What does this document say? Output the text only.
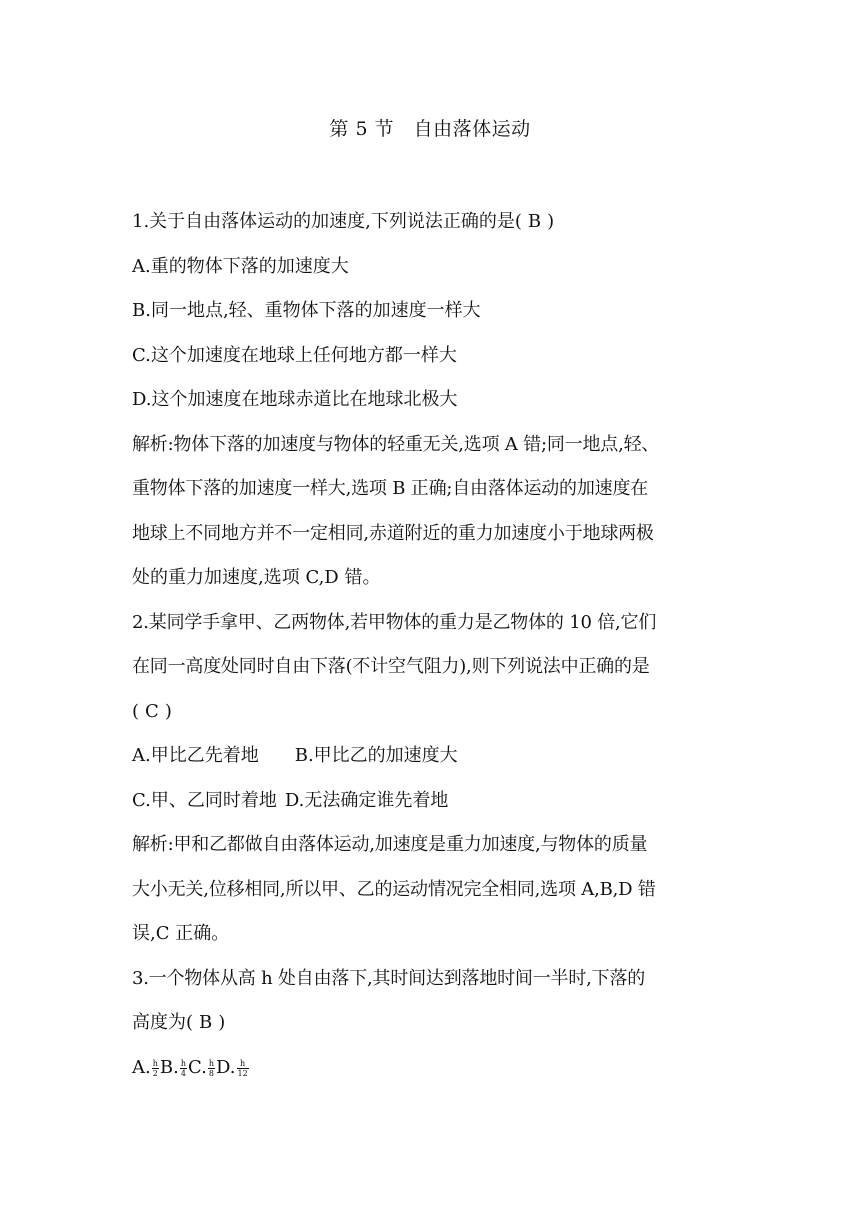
第 5 节　自由落体运动
1.关于自由落体运动的加速度,下列说法正确的是( B )
A.重的物体下落的加速度大
B.同一地点,轻、重物体下落的加速度一样大
C.这个加速度在地球上任何地方都一样大
D.这个加速度在地球赤道比在地球北极大
解析:物体下落的加速度与物体的轻重无关,选项 A 错;同一地点,轻、
重物体下落的加速度一样大,选项 B 正确;自由落体运动的加速度在
地球上不同地方并不一定相同,赤道附近的重力加速度小于地球两极
处的重力加速度,选项 C,D 错。
2.某同学手拿甲、乙两物体,若甲物体的重力是乙物体的 10 倍,它们
在同一高度处同时自由下落(不计空气阻力),则下列说法中正确的是
( C )
A.甲比乙先着地 B.甲比乙的加速度大
C.甲、乙同时着地 D.无法确定谁先着地
解析:甲和乙都做自由落体运动,加速度是重力加速度,与物体的质量
大小无关,位移相同,所以甲、乙的运动情况完全相同,选项 A,B,D 错
误,C 正确。
3.一个物体从高 h 处自由落下,其时间达到落地时间一半时,下落的
高度为( B )
A. $\frac{h}{2} B$. $\frac{h}{4} C$. $\frac{h}{8} D$. $\frac{h}{12}$
